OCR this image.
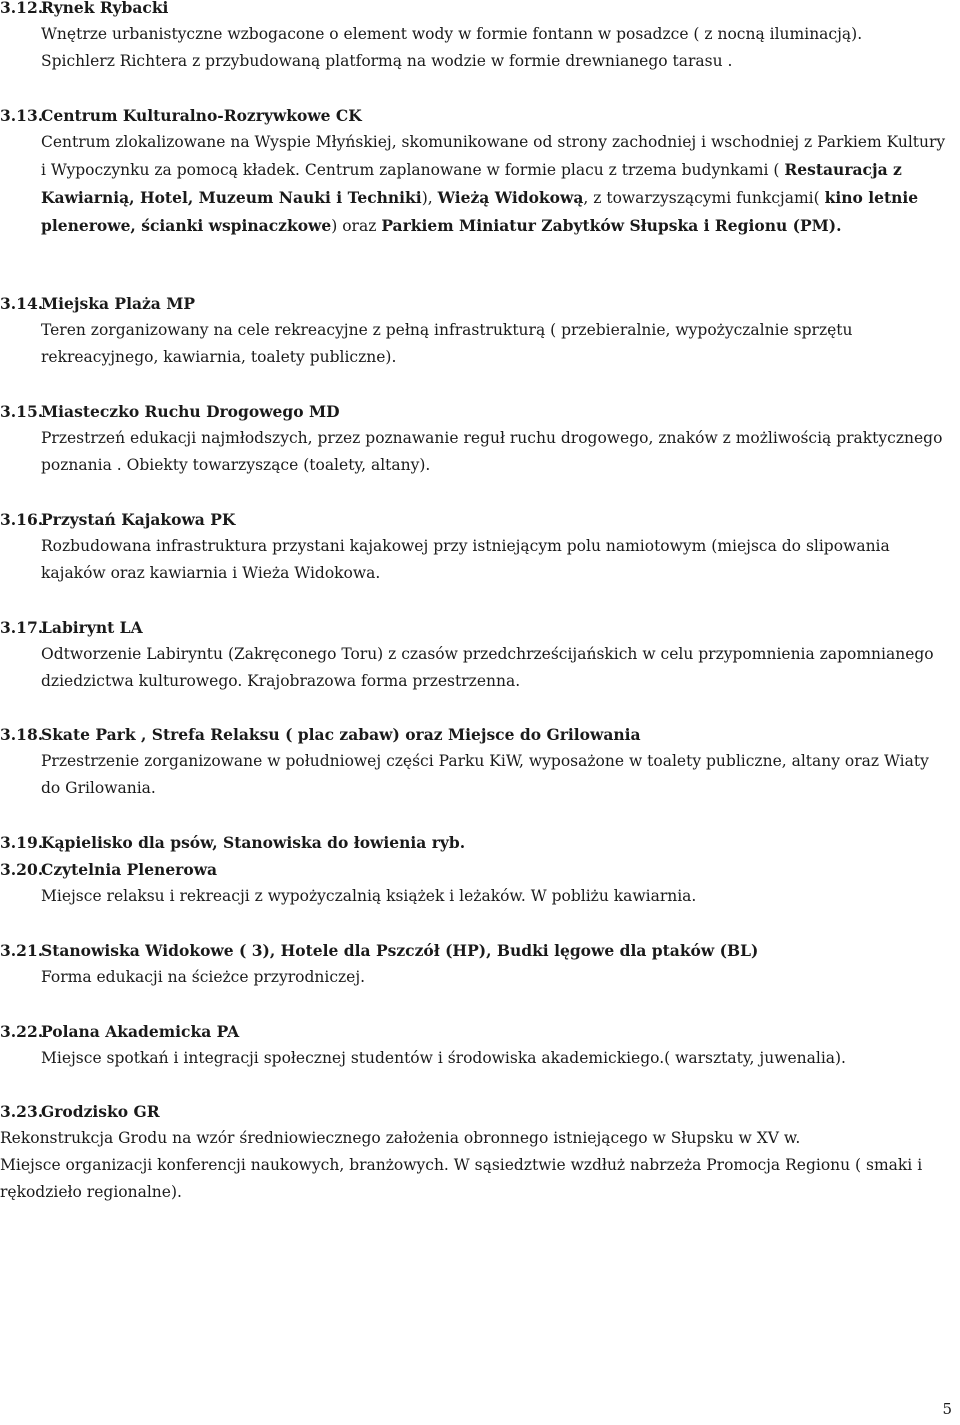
3.12.
Rynek Rybacki
Wnętrze urbanistyczne wzbogacone o element wody w formie fontann w posadzce ( z nocną iluminacją).
Spichlerz Richtera z przybudowaną platformą na wodzie w formie drewnianego tarasu .
3.13.
Centrum Kulturalno-Rozrywkowe CK
Centrum zlokalizowane na Wyspie Młyńskiej, skomunikowane od strony zachodniej i wschodniej z Parkiem Kultury i Wypoczynku za pomocą kładek. Centrum zaplanowane w formie placu z trzema budynkami ( Restauracja z Kawiarnią, Hotel, Muzeum Nauki i Techniki), Wieżą Widokową, z towarzyszącymi funkcjami( kino letnie plenerowe, ścianki wspinaczkowe) oraz Parkiem Miniatur Zabytków Słupska i Regionu (PM).
3.14.
Miejska Plaża MP
Teren zorganizowany na cele rekreacyjne z pełną infrastrukturą ( przebieralnie, wypożyczalnie sprzętu rekreacyjnego, kawiarnia, toalety publiczne).
3.15.
Miasteczko Ruchu Drogowego MD
Przestrzeń edukacji najmłodszych, przez poznawanie reguł ruchu drogowego, znaków z możliwością praktycznego poznania . Obiekty towarzyszące (toalety, altany).
3.16.
Przystań Kajakowa PK
Rozbudowana infrastruktura przystani kajakowej przy istniejącym polu namiotowym (miejsca do slipowania kajaków oraz kawiarnia i Wieża Widokowa.
3.17.
Labirynt LA
Odtworzenie Labiryntu (Zakręconego Toru) z czasów przedchrześcijańskich w celu przypomnienia zapomnianego dziedzictwa kulturowego. Krajobrazowa forma przestrzenna.
3.18.
Skate Park , Strefa Relaksu ( plac zabaw) oraz Miejsce do Grilowania
Przestrzenie zorganizowane w południowej części Parku KiW, wyposażone w toalety publiczne, altany oraz Wiaty do Grilowania.
3.19.
Kąpielisko dla psów, Stanowiska do łowienia ryb.
3.20.
Czytelnia Plenerowa
Miejsce relaksu i rekreacji z wypożyczalnią książek i leżaków. W pobliżu kawiarnia.
3.21.
Stanowiska Widokowe ( 3), Hotele dla Pszczół (HP), Budki lęgowe dla ptaków (BL)
Forma edukacji na ścieżce przyrodniczej.
3.22.
Polana Akademicka PA
Miejsce spotkań i integracji społecznej studentów i środowiska akademickiego.( warsztaty, juwenalia).
3.23.
Grodzisko GR
Rekonstrukcja Grodu na wzór średniowiecznego założenia obronnego istniejącego w Słupsku w XV w.
Miejsce organizacji konferencji naukowych, branżowych. W sąsiedztwie wzdłuż nabrzeża Promocja Regionu ( smaki i rękodzieło regionalne).
5
